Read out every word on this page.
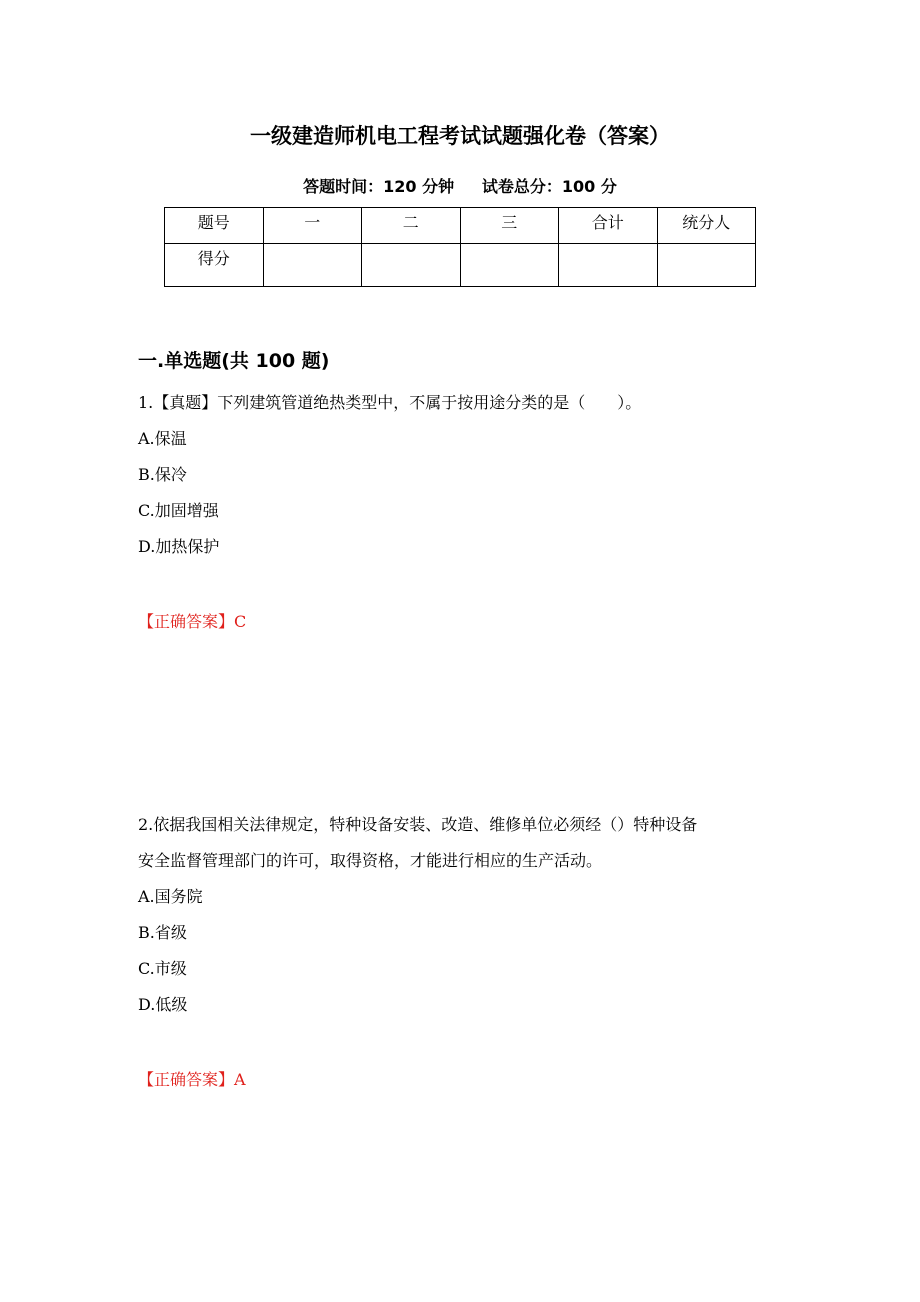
一级建造师机电工程考试试题强化卷（答案）
答题时间：120 分钟     试卷总分：100 分
题号	一	二	三	合计	统分人
得分					
一.单选题(共 100 题)
1.【真题】下列建筑管道绝热类型中，不属于按用途分类的是（　　）。
A.保温
B.保冷
C.加固增强
D.加热保护
【正确答案】C
2.依据我国相关法律规定，特种设备安装、改造、维修单位必须经（）特种设备
安全监督管理部门的许可，取得资格，才能进行相应的生产活动。
A.国务院
B.省级
C.市级
D.低级
【正确答案】A
